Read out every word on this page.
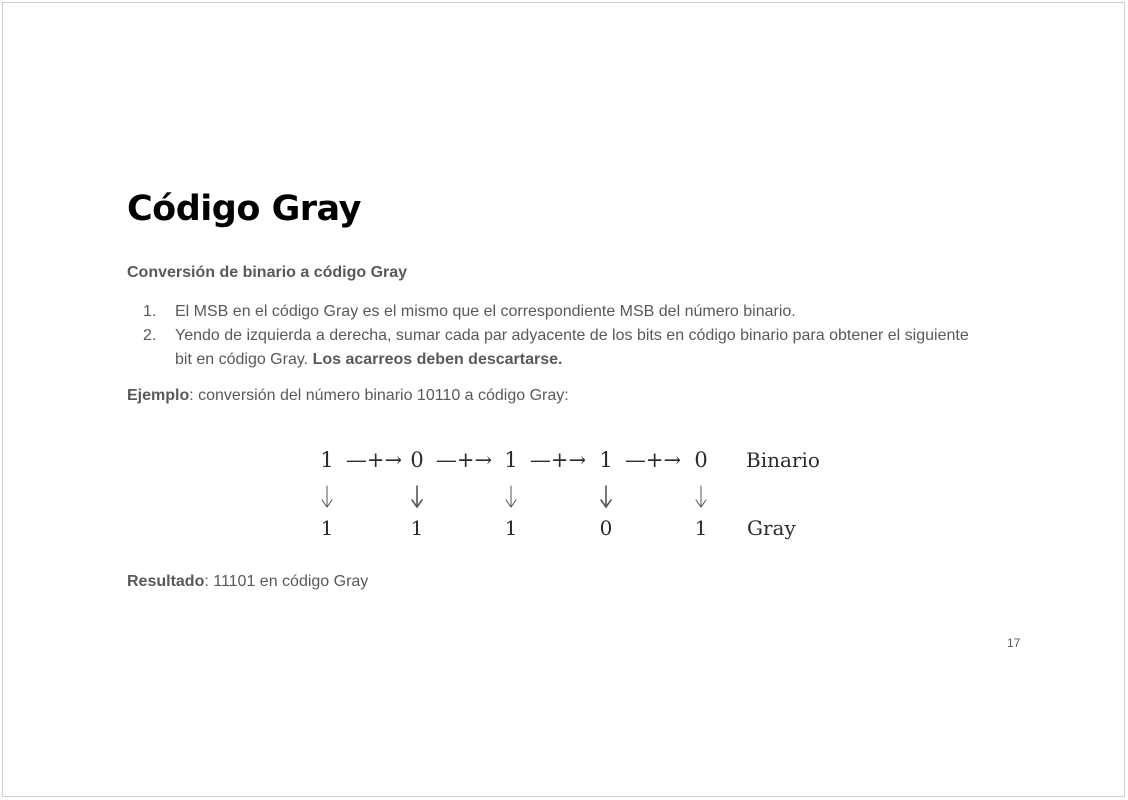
Código Gray
Conversión de binario a código Gray
1. El MSB en el código Gray es el mismo que el correspondiente MSB del número binario.
2. Yendo de izquierda a derecha, sumar cada par adyacente de los bits en código binario para obtener el siguiente bit en código Gray. Los acarreos deben descartarse.
Ejemplo: conversión del número binario 10110 a código Gray:
1 —+→ 0 —+→ 1 —+→ 1 —+→ 0 Binario
1	1	1	0	1 Gray
Resultado: 11101 en código Gray
17
